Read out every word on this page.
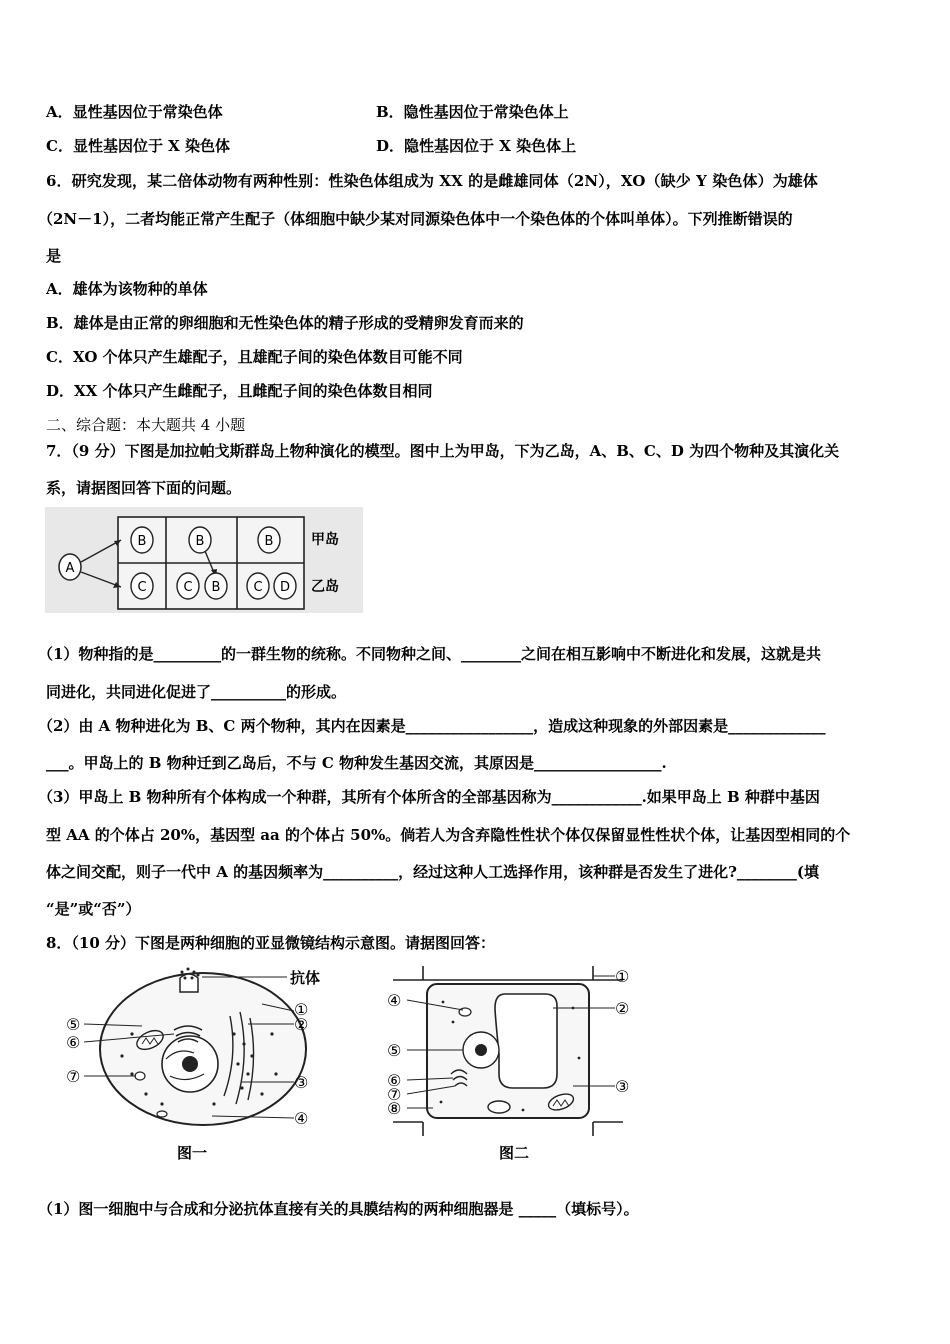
A．显性基因位于常染色体	B．隐性基因位于常染色体上
C．显性基因位于 X 染色体	D．隐性基因位于 X 染色体上
6．研究发现，某二倍体动物有两种性别：性染色体组成为 XX 的是雌雄同体（2N），XO（缺少 Y 染色体）为雄体
（2N－1），二者均能正常产生配子（体细胞中缺少某对同源染色体中一个染色体的个体叫单体）。下列推断错误的
是
A．雄体为该物种的单体
B．雄体是由正常的卵细胞和无性染色体的精子形成的受精卵发育而来的
C．XO 个体只产生雄配子，且雄配子间的染色体数目可能不同
D．XX 个体只产生雌配子，且雌配子间的染色体数目相同
二、综合题：本大题共 4 小题
7．（9 分）下图是加拉帕戈斯群岛上物种演化的模型。图中上为甲岛，下为乙岛，A、B、C、D 为四个物种及其演化关
系，请据图回答下面的问题。
A
B	B	B
C	C B	C D
甲岛
乙岛
（1）物种指的是_________的一群生物的统称。不同物种之间、________之间在相互影响中不断进化和发展，这就是共
同进化，共同进化促进了__________的形成。
（2）由 A 物种进化为 B、C 两个物种，其内在因素是_________________，造成这种现象的外部因素是_____________
___。甲岛上的 B 物种迁到乙岛后，不与 C 物种发生基因交流，其原因是_________________.
（3）甲岛上 B 物种所有个体构成一个种群，其所有个体所含的全部基因称为____________.如果甲岛上 B 种群中基因
型 AA 的个体占 20%，基因型 aa 的个体占 50%。倘若人为含弃隐性性状个体仅保留显性性状个体，让基因型相同的个
体之间交配，则子一代中 A 的基因频率为__________，经过这种人工选择作用，该种群是否发生了进化?________(填
“是”或“否”）
8．（10 分）下图是两种细胞的亚显微镜结构示意图。请据图回答：
抗体
①
②
③
④
⑤
⑥
⑦
图一
①
②
③
④
⑤
⑥
⑦
⑧
图二
（1）图一细胞中与合成和分泌抗体直接有关的具膜结构的两种细胞器是 _____（填标号）。
